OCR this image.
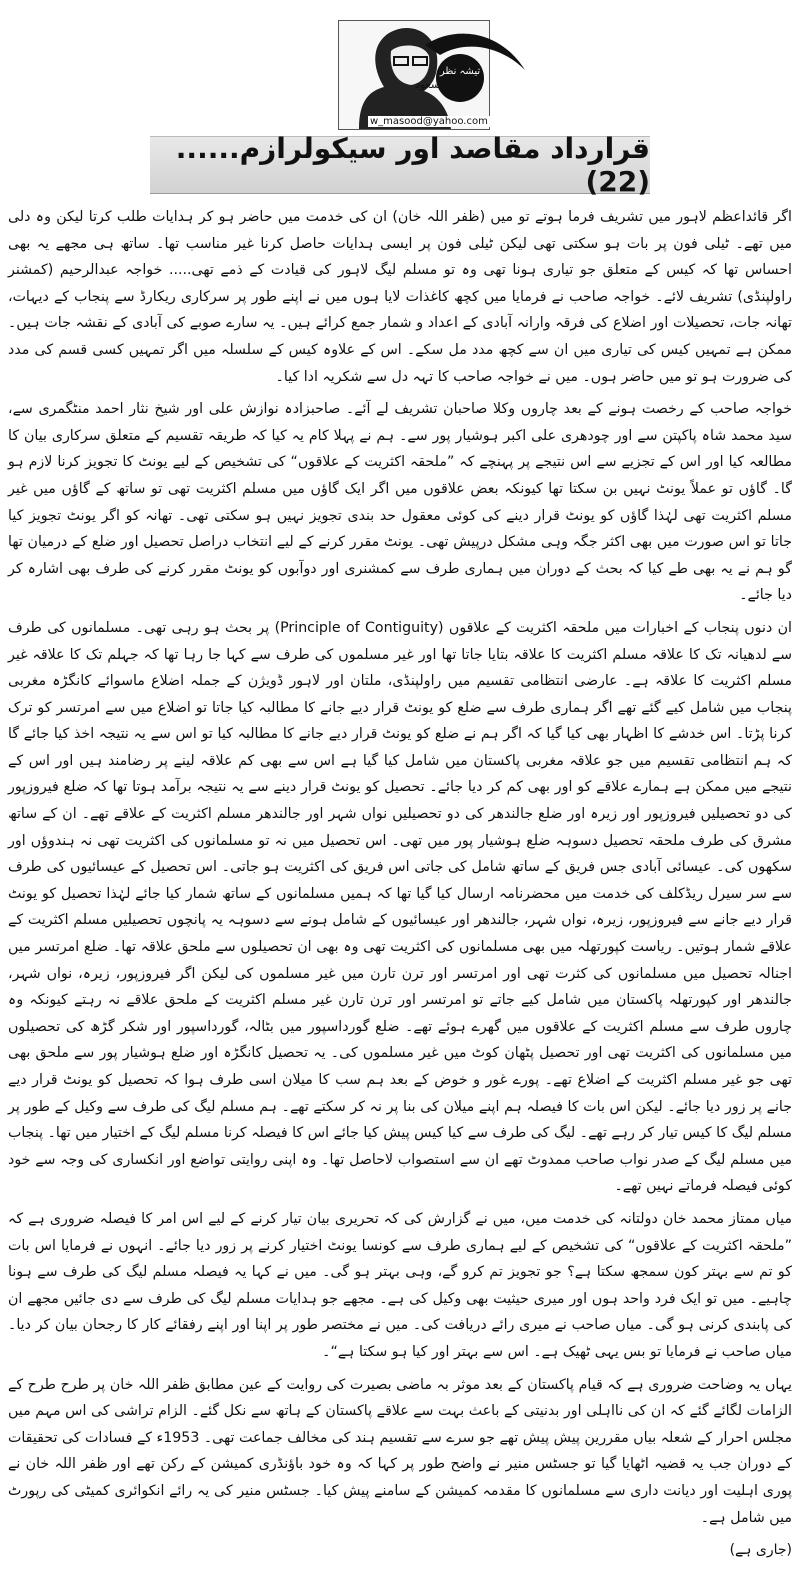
تیشہ نظر
وجاہت مسعود
w_masood@yahoo.com
قرارداد مقاصد اور سیکولرازم......(22)

اگر قائداعظم لاہور میں تشریف فرما ہوتے تو میں (ظفر اللہ خان) ان کی خدمت میں حاضر ہو کر ہدایات طلب کرتا لیکن وہ دلی میں تھے۔ ٹیلی فون پر بات ہو سکتی تھی لیکن ٹیلی فون پر ایسی ہدایات حاصل کرنا غیر مناسب تھا۔ ساتھ ہی مجھے یہ بھی احساس تھا کہ کیس کے متعلق جو تیاری ہونا تھی وہ تو مسلم لیگ لاہور کی قیادت کے ذمے تھی..... خواجہ عبدالرحیم (کمشنر راولپنڈی) تشریف لائے۔ خواجہ صاحب نے فرمایا میں کچھ کاغذات لایا ہوں میں نے اپنے طور پر سرکاری ریکارڈ سے پنجاب کے دیہات، تھانہ جات، تحصیلات اور اضلاع کی فرقہ وارانہ آبادی کے اعداد و شمار جمع کرائے ہیں۔ یہ سارے صوبے کی آبادی کے نقشہ جات ہیں۔ ممکن ہے تمہیں کیس کی تیاری میں ان سے کچھ مدد مل سکے۔ اس کے علاوہ کیس کے سلسلہ میں اگر تمہیں کسی قسم کی مدد کی ضرورت ہو تو میں حاضر ہوں۔ میں نے خواجہ صاحب کا تہہ دل سے شکریہ ادا کیا۔

خواجہ صاحب کے رخصت ہونے کے بعد چاروں وکلا صاحبان تشریف لے آئے۔ صاحبزادہ نوازش علی اور شیخ نثار احمد منٹگمری سے، سید محمد شاہ پاکپتن سے اور چودھری علی اکبر ہوشیار پور سے۔ ہم نے پہلا کام یہ کیا کہ طریقہ تقسیم کے متعلق سرکاری بیان کا مطالعہ کیا اور اس کے تجزیے سے اس نتیجے پر پہنچے کہ ”ملحقہ اکثریت کے علاقوں“ کی تشخیص کے لیے یونٹ کا تجویز کرنا لازم ہو گا۔ گاؤں تو عملاً یونٹ نہیں بن سکتا تھا کیونکہ بعض علاقوں میں اگر ایک گاؤں میں مسلم اکثریت تھی تو ساتھ کے گاؤں میں غیر مسلم اکثریت تھی لہٰذا گاؤں کو یونٹ قرار دینے کی کوئی معقول حد بندی تجویز نہیں ہو سکتی تھی۔ تھانہ کو اگر یونٹ تجویز کیا جاتا تو اس صورت میں بھی اکثر جگہ وہی مشکل درپیش تھی۔ یونٹ مقرر کرنے کے لیے انتخاب دراصل تحصیل اور ضلع کے درمیان تھا گو ہم نے یہ بھی طے کیا کہ بحث کے دوران میں ہماری طرف سے کمشنری اور دوآبوں کو یونٹ مقرر کرنے کی طرف بھی اشارہ کر دیا جائے۔

ان دنوں پنجاب کے اخبارات میں ملحقہ اکثریت کے علاقوں (Principle of Contiguity) پر بحث ہو رہی تھی۔ مسلمانوں کی طرف سے لدھیانہ تک کا علاقہ مسلم اکثریت کا علاقہ بتایا جاتا تھا اور غیر مسلموں کی طرف سے کہا جا رہا تھا کہ جہلم تک کا علاقہ غیر مسلم اکثریت کا علاقہ ہے۔ عارضی انتظامی تقسیم میں راولپنڈی، ملتان اور لاہور ڈویژن کے جملہ اضلاع ماسوائے کانگڑہ مغربی پنجاب میں شامل کیے گئے تھے اگر ہماری طرف سے ضلع کو یونٹ قرار دیے جانے کا مطالبہ کیا جاتا تو اضلاع میں سے امرتسر کو ترک کرنا پڑتا۔ اس خدشے کا اظہار بھی کیا گیا کہ اگر ہم نے ضلع کو یونٹ قرار دیے جانے کا مطالبہ کیا تو اس سے یہ نتیجہ اخذ کیا جائے گا کہ ہم انتظامی تقسیم میں جو علاقہ مغربی پاکستان میں شامل کیا گیا ہے اس سے بھی کم علاقہ لینے پر رضامند ہیں اور اس کے نتیجے میں ممکن ہے ہمارے علاقے کو اور بھی کم کر دیا جائے۔ تحصیل کو یونٹ قرار دینے سے یہ نتیجہ برآمد ہوتا تھا کہ ضلع فیروزپور کی دو تحصیلیں فیروزپور اور زیرہ اور ضلع جالندھر کی دو تحصیلیں نواں شہر اور جالندھر مسلم اکثریت کے علاقے تھے۔ ان کے ساتھ مشرق کی طرف ملحقہ تحصیل دسوہہ ضلع ہوشیار پور میں تھی۔ اس تحصیل میں نہ تو مسلمانوں کی اکثریت تھی نہ ہندوؤں اور سکھوں کی۔ عیسائی آبادی جس فریق کے ساتھ شامل کی جاتی اس فریق کی اکثریت ہو جاتی۔ اس تحصیل کے عیسائیوں کی طرف سے سر سیرل ریڈکلف کی خدمت میں محضرنامہ ارسال کیا گیا تھا کہ ہمیں مسلمانوں کے ساتھ شمار کیا جائے لہٰذا تحصیل کو یونٹ قرار دیے جانے سے فیروزپور، زیرہ، نواں شہر، جالندھر اور عیسائیوں کے شامل ہونے سے دسوہہ یہ پانچوں تحصیلیں مسلم اکثریت کے علاقے شمار ہوتیں۔ ریاست کپورتھلہ میں بھی مسلمانوں کی اکثریت تھی وہ بھی ان تحصیلوں سے ملحق علاقہ تھا۔ ضلع امرتسر میں اجنالہ تحصیل میں مسلمانوں کی کثرت تھی اور امرتسر اور ترن تارن میں غیر مسلموں کی لیکن اگر فیروزپور، زیرہ، نواں شہر، جالندھر اور کپورتھلہ پاکستان میں شامل کیے جاتے تو امرتسر اور ترن تارن غیر مسلم اکثریت کے ملحق علاقے نہ رہتے کیونکہ وہ چاروں طرف سے مسلم اکثریت کے علاقوں میں گھرے ہوئے تھے۔ ضلع گورداسپور میں بٹالہ، گورداسپور اور شکر گڑھ کی تحصیلوں میں مسلمانوں کی اکثریت تھی اور تحصیل پٹھان کوٹ میں غیر مسلموں کی۔ یہ تحصیل کانگڑہ اور ضلع ہوشیار پور سے ملحق بھی تھی جو غیر مسلم اکثریت کے اضلاع تھے۔ پورے غور و خوض کے بعد ہم سب کا میلان اسی طرف ہوا کہ تحصیل کو یونٹ قرار دیے جانے پر زور دیا جائے۔ لیکن اس بات کا فیصلہ ہم اپنے میلان کی بنا پر نہ کر سکتے تھے۔ ہم مسلم لیگ کی طرف سے وکیل کے طور پر مسلم لیگ کا کیس تیار کر رہے تھے۔ لیگ کی طرف سے کیا کیس پیش کیا جائے اس کا فیصلہ کرنا مسلم لیگ کے اختیار میں تھا۔ پنجاب میں مسلم لیگ کے صدر نواب صاحب ممدوٹ تھے ان سے استصواب لاحاصل تھا۔ وہ اپنی روایتی تواضع اور انکساری کی وجہ سے خود کوئی فیصلہ فرماتے نہیں تھے۔

میاں ممتاز محمد خان دولتانہ کی خدمت میں، میں نے گزارش کی کہ تحریری بیان تیار کرنے کے لیے اس امر کا فیصلہ ضروری ہے کہ ”ملحقہ اکثریت کے علاقوں“ کی تشخیص کے لیے ہماری طرف سے کونسا یونٹ اختیار کرنے پر زور دیا جائے۔ انہوں نے فرمایا اس بات کو تم سے بہتر کون سمجھ سکتا ہے؟ جو تجویز تم کرو گے، وہی بہتر ہو گی۔ میں نے کہا یہ فیصلہ مسلم لیگ کی طرف سے ہونا چاہیے۔ میں تو ایک فرد واحد ہوں اور میری حیثیت بھی وکیل کی ہے۔ مجھے جو ہدایات مسلم لیگ کی طرف سے دی جائیں مجھے ان کی پابندی کرنی ہو گی۔ میاں صاحب نے میری رائے دریافت کی۔ میں نے مختصر طور پر اپنا اور اپنے رفقائے کار کا رجحان بیان کر دیا۔ میاں صاحب نے فرمایا تو بس یہی ٹھیک ہے۔ اس سے بہتر اور کیا ہو سکتا ہے“۔

یہاں یہ وضاحت ضروری ہے کہ قیام پاکستان کے بعد موثر بہ ماضی بصیرت کی روایت کے عین مطابق ظفر اللہ خان پر طرح طرح کے الزامات لگائے گئے کہ ان کی نااہلی اور بدنیتی کے باعث بہت سے علاقے پاکستان کے ہاتھ سے نکل گئے۔ الزام تراشی کی اس مہم میں مجلس احرار کے شعلہ بیاں مقررین پیش پیش تھے جو سرے سے تقسیم ہند کی مخالف جماعت تھی۔ 1953ء کے فسادات کی تحقیقات کے دوران جب یہ قضیہ اٹھایا گیا تو جسٹس منیر نے واضح طور پر کہا کہ وہ خود باؤنڈری کمیشن کے رکن تھے اور ظفر اللہ خان نے پوری اہلیت اور دیانت داری سے مسلمانوں کا مقدمہ کمیشن کے سامنے پیش کیا۔ جسٹس منیر کی یہ رائے انکوائری کمیٹی کی رپورٹ میں شامل ہے۔

(جاری ہے)
